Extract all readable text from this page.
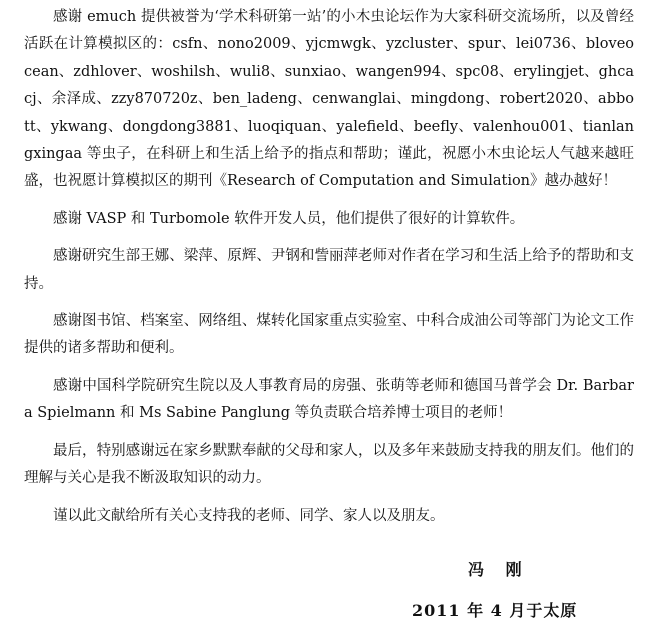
感谢 emuch 提供被誉为‘学术科研第一站’的小木虫论坛作为大家科研交流场所，以及曾经活跃在计算模拟区的：csfn、nono2009、yjcmwgk、yzcluster、spur、lei0736、bloveocean、zdhlover、woshilsh、wuli8、sunxiao、wangen994、spc08、erylingjet、ghcacj、余泽成、zzy870720z、ben_ladeng、cenwanglai、mingdong、robert2020、abbott、ykwang、dongdong3881、luoqiquan、yalefield、beefly、valenhou001、tianlangxingaa 等虫子，在科研上和生活上给予的指点和帮助；谨此，祝愿小木虫论坛人气越来越旺盛，也祝愿计算模拟区的期刊《Research of Computation and Simulation》越办越好！

感谢 VASP 和 Turbomole 软件开发人员，他们提供了很好的计算软件。

感谢研究生部王娜、梁萍、原辉、尹钢和訾丽萍老师对作者在学习和生活上给予的帮助和支持。

感谢图书馆、档案室、网络组、煤转化国家重点实验室、中科合成油公司等部门为论文工作提供的诸多帮助和便利。

感谢中国科学院研究生院以及人事教育局的房强、张萌等老师和德国马普学会 Dr. Barbara Spielmann 和 Ms Sabine Panglung 等负责联合培养博士项目的老师！

最后，特别感谢远在家乡默默奉献的父母和家人，以及多年来鼓励支持我的朋友们。他们的理解与关心是我不断汲取知识的动力。

谨以此文献给所有关心支持我的老师、同学、家人以及朋友。

冯 刚
2011 年 4 月于太原
